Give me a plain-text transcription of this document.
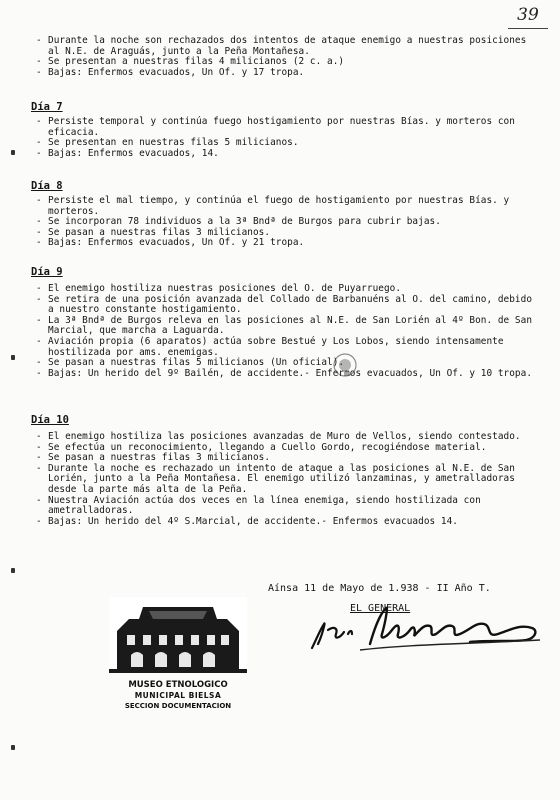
39
- Durante la noche son rechazados dos intentos de ataque enemigo a nuestras posiciones al N.E. de Araguás, junto a la Peña Montañesa.
- Se presentan a nuestras filas 4 milicianos (2 c. a.)
- Bajas: Enfermos evacuados, Un Of. y 17 tropa.
Día 7
- Persiste temporal y continúa fuego hostigamiento por nuestras Bías. y morteros con eficacia.
- Se presentan en nuestras filas 5 milicianos.
- Bajas: Enfermos evacuados, 14.
Día 8
- Persiste el mal tiempo, y continúa el fuego de hostigamiento por nuestras Bías. y morteros.
- Se incorporan 78 individuos a la 3ª Bndª de Burgos para cubrir bajas.
- Se pasan a nuestras filas 3 milicianos.
- Bajas: Enfermos evacuados, Un Of. y 21 tropa.
Día 9
- El enemigo hostiliza nuestras posiciones del O. de Puyarruego.
- Se retira de una posición avanzada del Collado de Barbanuéns al O. del camino, debido a nuestro constante hostigamiento.
- La 3ª Bndª de Burgos releva en las posiciones al N.E. de San Lorién al 4º Bon. de San Marcial, que marcha a Laguarda.
- Aviación propia (6 aparatos) actúa sobre Bestué y Los Lobos, siendo intensamente hostilizada por ams. enemigas.
- Se pasan a nuestras filas 5 milicianos (Un oficial).
- Bajas: Un herido del 9º Bailén, de accidente.- Enfermos evacuados, Un Of. y 10 tropa.
Día 10
- El enemigo hostiliza las posiciones avanzadas de Muro de Vellos, siendo contestado.
- Se efectúa un reconocimiento, llegando a Cuello Gordo, recogiéndose material.
- Se pasan a nuestras filas 3 milicianos.
- Durante la noche es rechazado un intento de ataque a las posiciones al N.E. de San Lorién, junto a la Peña Montañesa. El enemigo utilizó lanzaminas, y ametralladoras desde la parte más alta de la Peña.
- Nuestra Aviación actúa dos veces en la línea enemiga, siendo hostilizada con ametralladoras.
- Bajas: Un herido del 4º S.Marcial, de accidente.- Enfermos evacuados 14.
Aínsa 11 de Mayo de 1.938 - II Año T.
EL GENERAL
MUSEO ETNOLOGICO
MUNICIPAL BIELSA
SECCION DOCUMENTACION
